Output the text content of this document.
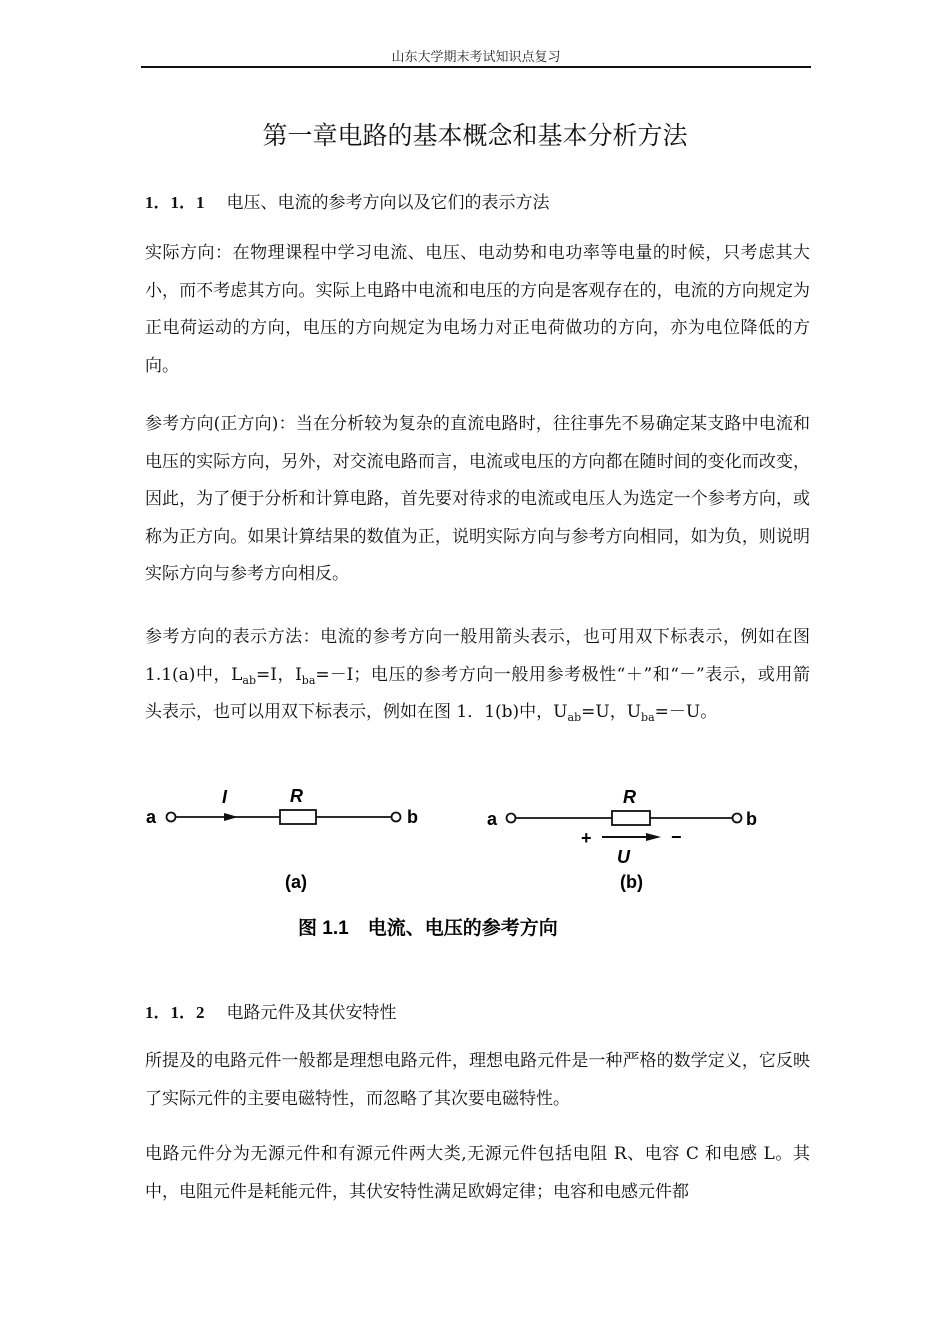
山东大学期末考试知识点复习
第一章电路的基本概念和基本分析方法
1．1．1 电压、电流的参考方向以及它们的表示方法

实际方向：在物理课程中学习电流、电压、电动势和电功率等电量的时候，只考虑其大小，而不考虑其方向。实际上电路中电流和电压的方向是客观存在的，电流的方向规定为正电荷运动的方向，电压的方向规定为电场力对正电荷做功的方向，亦为电位降低的方向。

参考方向(正方向)：当在分析较为复杂的直流电路时，往往事先不易确定某支路中电流和电压的实际方向，另外，对交流电路而言，电流或电压的方向都在随时间的变化而改变，因此，为了便于分析和计算电路，首先要对待求的电流或电压人为选定一个参考方向，或称为正方向。如果计算结果的数值为正，说明实际方向与参考方向相同，如为负，则说明实际方向与参考方向相反。

参考方向的表示方法：电流的参考方向一般用箭头表示，也可用双下标表示，例如在图 1.1(a)中，$L_{ab}=I$，$I_{ba}=-I$；电压的参考方向一般用参考极性“＋”和“－”表示，或用箭头表示，也可以用双下标表示，例如在图 1．1(b)中，$U_{ab}=U$，$U_{ba}=-U$。

a
I	R
b
(a)
a
R
b
+	−
U
(b)
图 1.1　电流、电压的参考方向
1．1．2 电路元件及其伏安特性

所提及的电路元件一般都是理想电路元件，理想电路元件是一种严格的数学定义，它反映了实际元件的主要电磁特性，而忽略了其次要电磁特性。

电路元件分为无源元件和有源元件两大类,无源元件包括电阻 R、电容 C 和电感 L。其中，电阻元件是耗能元件，其伏安特性满足欧姆定律；电容和电感元件都
